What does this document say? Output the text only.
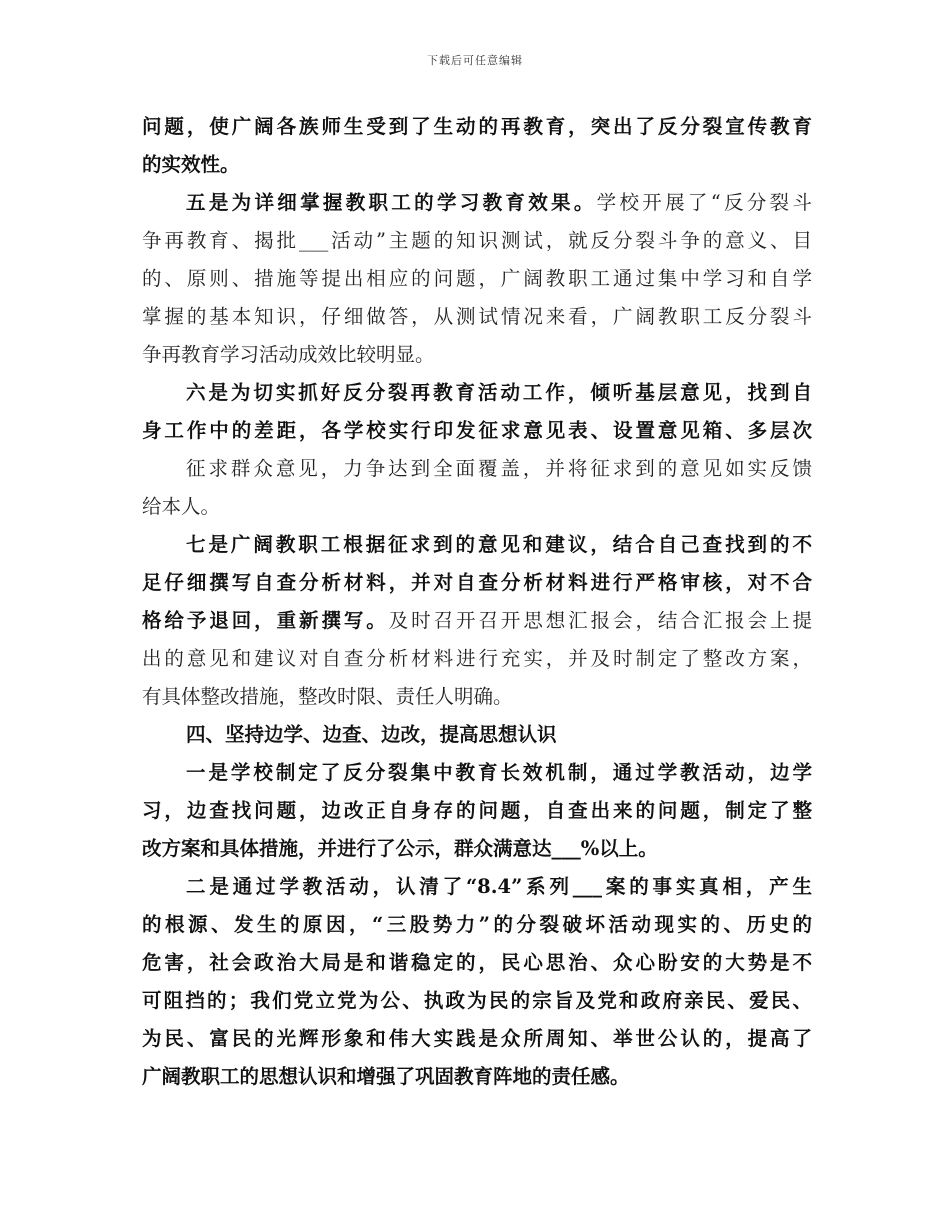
下载后可任意编辑
问题，使广阔各族师生受到了生动的再教育，突出了反分裂宣传教育
的实效性。
五是为详细掌握教职工的学习教育效果。学校开展了“反分裂斗
争再教育、揭批___活动”主题的知识测试，就反分裂斗争的意义、目
的、原则、措施等提出相应的问题，广阔教职工通过集中学习和自学
掌握的基本知识，仔细做答，从测试情况来看，广阔教职工反分裂斗
争再教育学习活动成效比较明显。
六是为切实抓好反分裂再教育活动工作，倾听基层意见，找到自
身工作中的差距，各学校实行印发征求意见表、设置意见箱、多层次
征求群众意见，力争达到全面覆盖，并将征求到的意见如实反馈
给本人。
七是广阔教职工根据征求到的意见和建议，结合自己查找到的不
足仔细撰写自查分析材料，并对自查分析材料进行严格审核，对不合
格给予退回，重新撰写。及时召开召开思想汇报会，结合汇报会上提
出的意见和建议对自查分析材料进行充实，并及时制定了整改方案，
有具体整改措施，整改时限、责任人明确。
四、坚持边学、边查、边改，提高思想认识
一是学校制定了反分裂集中教育长效机制，通过学教活动，边学
习，边查找问题，边改正自身存的问题，自查出来的问题，制定了整
改方案和具体措施，并进行了公示，群众满意达___%以上。
二是通过学教活动，认清了“8.4”系列___案的事实真相，产生
的根源、发生的原因，“三股势力”的分裂破坏活动现实的、历史的
危害，社会政治大局是和谐稳定的，民心思治、众心盼安的大势是不
可阻挡的；我们党立党为公、执政为民的宗旨及党和政府亲民、爱民、
为民、富民的光辉形象和伟大实践是众所周知、举世公认的，提高了
广阔教职工的思想认识和增强了巩固教育阵地的责任感。
